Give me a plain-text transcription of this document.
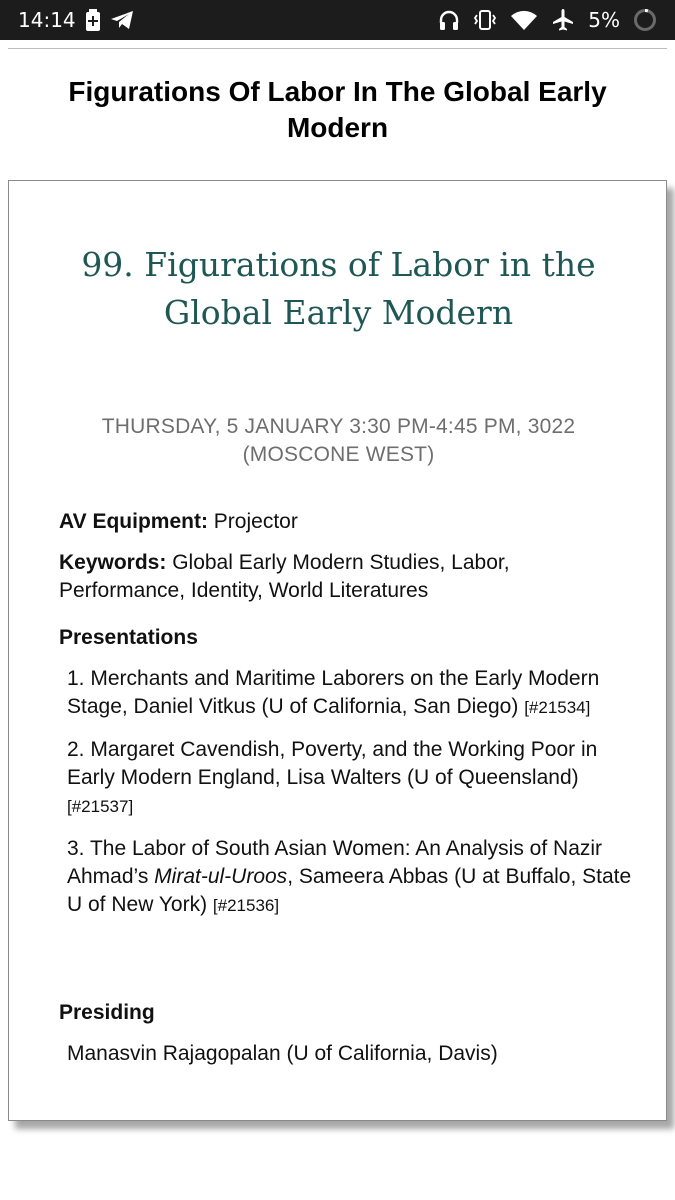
14:14	5%
Figurations Of Labor In The Global Early Modern
99. Figurations of Labor in the Global Early Modern
THURSDAY, 5 JANUARY 3:30 PM-4:45 PM, 3022 (MOSCONE WEST)
AV Equipment: Projector
Keywords: Global Early Modern Studies, Labor, Performance, Identity, World Literatures
Presentations
1. Merchants and Maritime Laborers on the Early Modern Stage, Daniel Vitkus (U of California, San Diego) [#21534]
2. Margaret Cavendish, Poverty, and the Working Poor in Early Modern England, Lisa Walters (U of Queensland) [#21537]
3. The Labor of South Asian Women: An Analysis of Nazir Ahmad’s Mirat-ul-Uroos, Sameera Abbas (U at Buffalo, State U of New York) [#21536]
Presiding
Manasvin Rajagopalan (U of California, Davis)
